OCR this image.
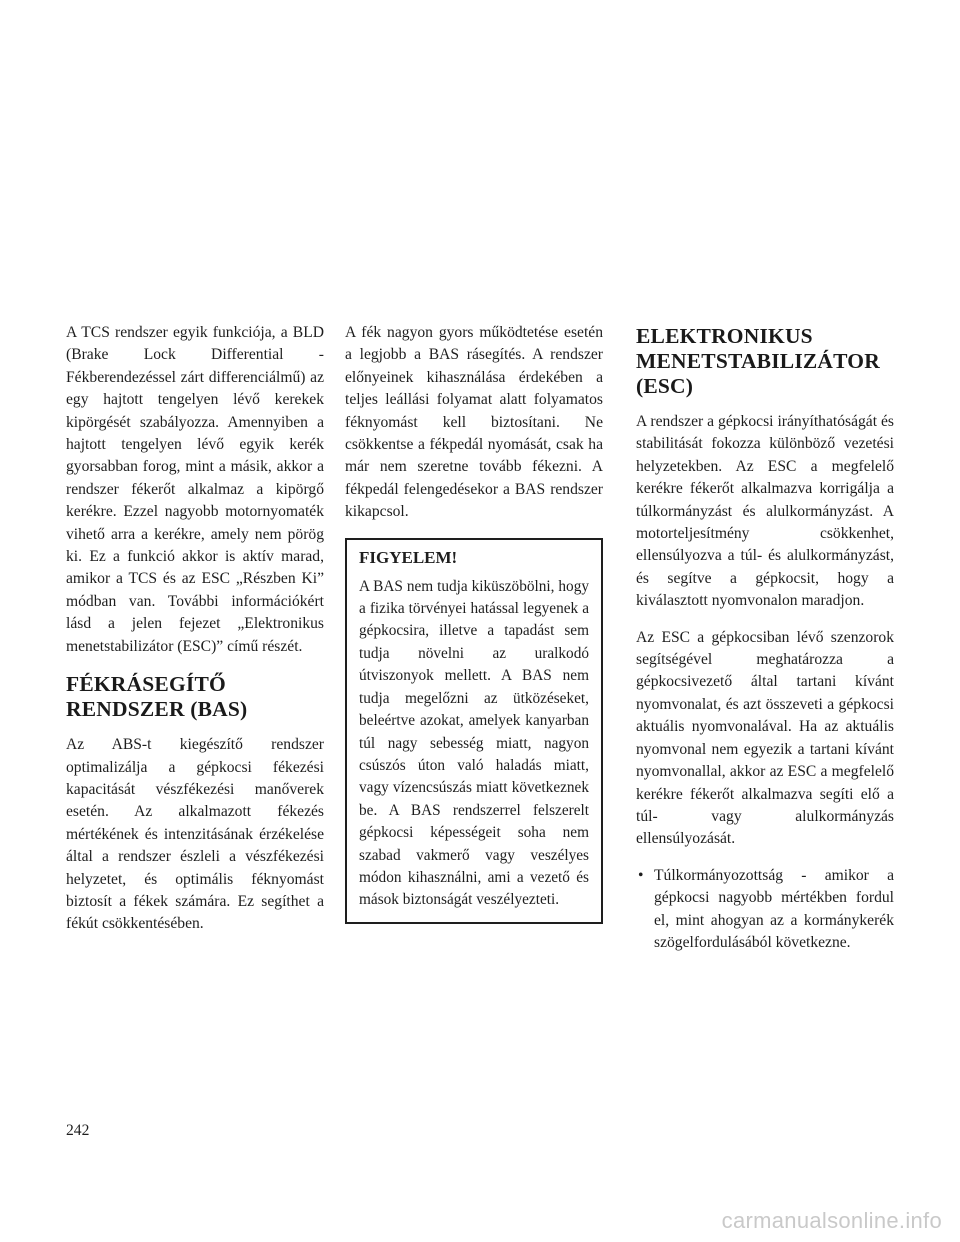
A TCS rendszer egyik funkciója, a BLD (Brake Lock Differential - Fékberendezéssel zárt differenciálmű) az egy hajtott tengelyen lévő kerekek kipörgését szabályozza. Amennyiben a hajtott tengelyen lévő egyik kerék gyorsabban forog, mint a másik, akkor a rendszer fékerőt alkalmaz a kipörgő kerékre. Ezzel nagyobb motornyomaték vihető arra a kerékre, amely nem pörög ki. Ez a funkció akkor is aktív marad, amikor a TCS és az ESC „Részben Ki” módban van. További információkért lásd a jelen fejezet „Elektronikus menetstabilizátor (ESC)” című részét.

FÉKRÁSEGÍTŐ RENDSZER (BAS)

Az ABS-t kiegészítő rendszer optimalizálja a gépkocsi fékezési kapacitását vészfékezési manőverek esetén. Az alkalmazott fékezés mértékének és intenzitásának érzékelése által a rendszer észleli a vészfékezési helyzetet, és optimális féknyomást biztosít a fékek számára. Ez segíthet a fékút csökkentésében.

A fék nagyon gyors működtetése esetén a legjobb a BAS rásegítés. A rendszer előnyeinek kihasználása érdekében a teljes leállási folyamat alatt folyamatos féknyomást kell biztosítani. Ne csökkentse a fékpedál nyomását, csak ha már nem szeretne tovább fékezni. A fékpedál felengedésekor a BAS rendszer kikapcsol.

FIGYELEM!

A BAS nem tudja kiküszöbölni, hogy a fizika törvényei hatással legyenek a gépkocsira, illetve a tapadást sem tudja növelni az uralkodó útviszonyok mellett. A BAS nem tudja megelőzni az ütközéseket, beleértve azokat, amelyek kanyarban túl nagy sebesség miatt, nagyon csúszós úton való haladás miatt, vagy vízencsúszás miatt következnek be. A BAS rendszerrel felszerelt gépkocsi képességeit soha nem szabad vakmerő vagy veszélyes módon kihasználni, ami a vezető és mások biztonságát veszélyezteti.

ELEKTRONIKUS MENETSTABILIZÁTOR (ESC)

A rendszer a gépkocsi irányíthatóságát és stabilitását fokozza különböző vezetési helyzetekben. Az ESC a megfelelő kerékre fékerőt alkalmazva korrigálja a túlkormányzást és alulkormányzást. A motorteljesítmény csökkenhet, ellensúlyozva a túl- és alulkormányzást, és segítve a gépkocsit, hogy a kiválasztott nyomvonalon maradjon.

Az ESC a gépkocsiban lévő szenzorok segítségével meghatározza a gépkocsivezető által tartani kívánt nyomvonalat, és azt összeveti a gépkocsi aktuális nyomvonalával. Ha az aktuális nyomvonal nem egyezik a tartani kívánt nyomvonallal, akkor az ESC a megfelelő kerékre fékerőt alkalmazva segíti elő a túl- vagy alulkormányzás ellensúlyozását.

• Túlkormányozottság - amikor a gépkocsi nagyobb mértékben fordul el, mint ahogyan az a kormánykerék szögelfordulásából következne.
242
carmanualsonline.info
